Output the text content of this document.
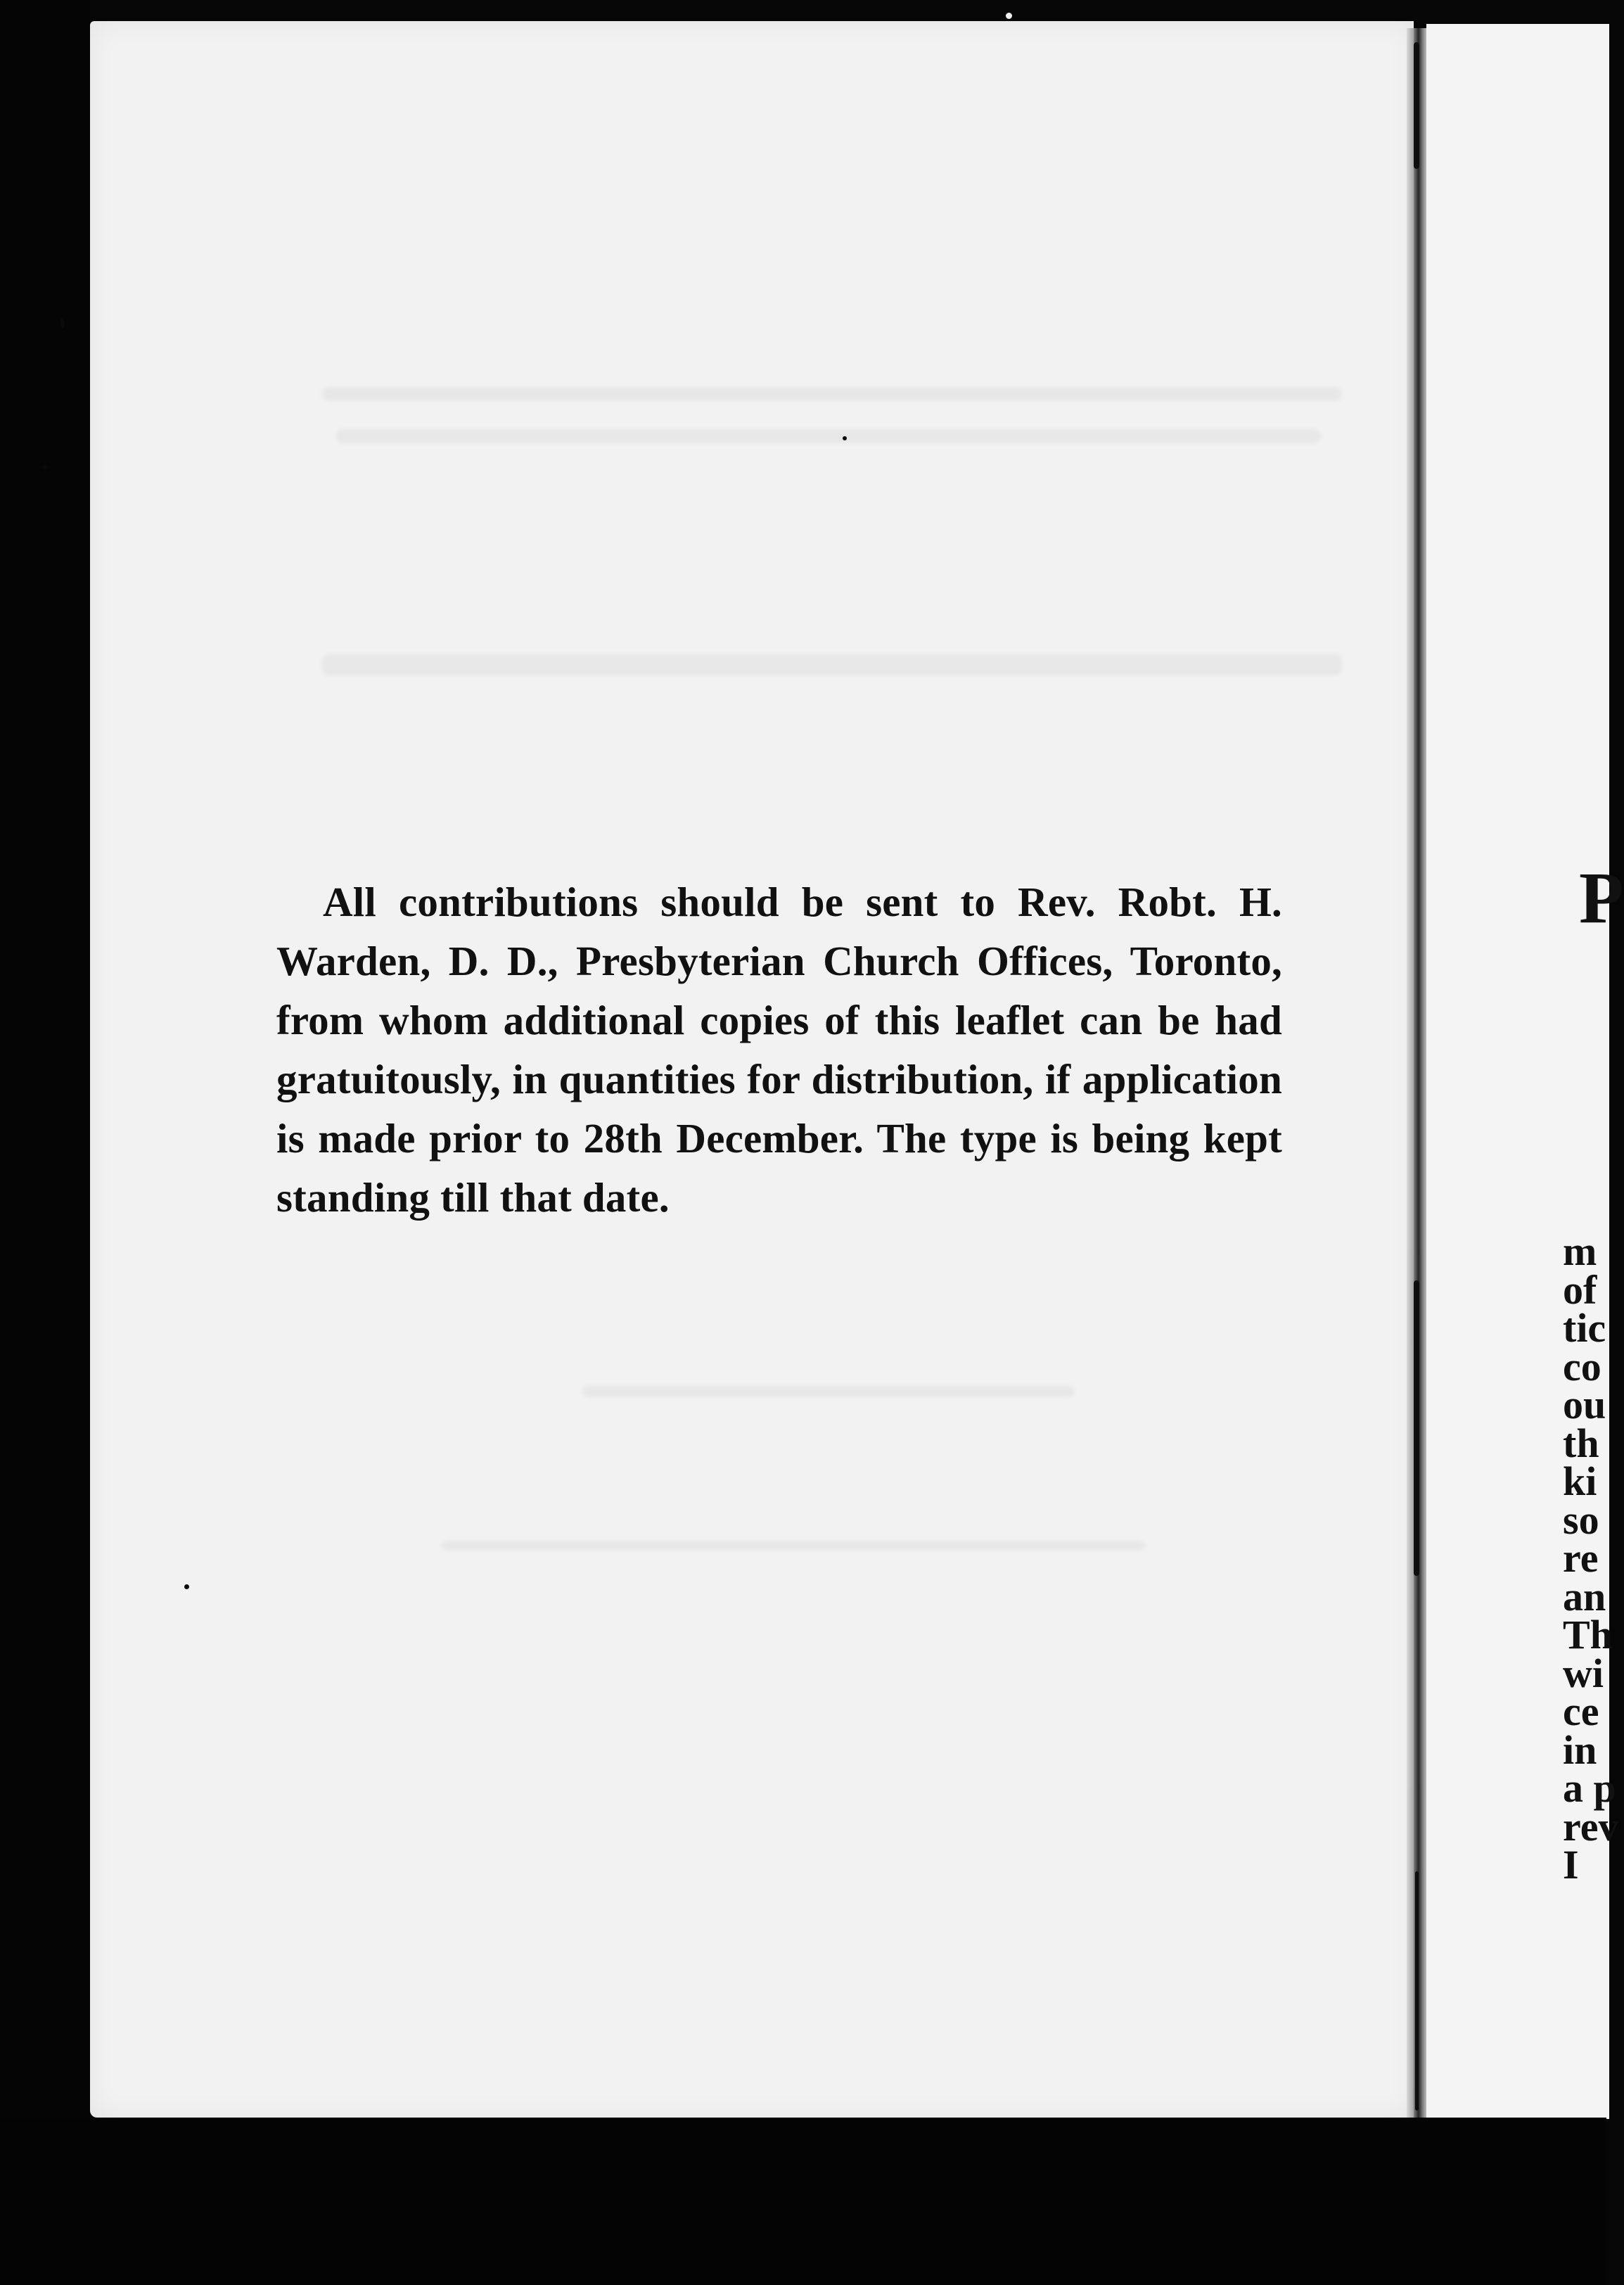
All contributions should be sent to Rev. Robt. H. Warden, D. D., Presbyterian Church Offices, Toronto, from whom additional copies of this leaflet can be had gratuitously, in quantities for distribution, if application is made prior to 28th December. The type is being kept standing till that date.

P
m
of
tic
co
ou
th
ki
so
re
an
Th
wi
ce
in
a p
rev
I
